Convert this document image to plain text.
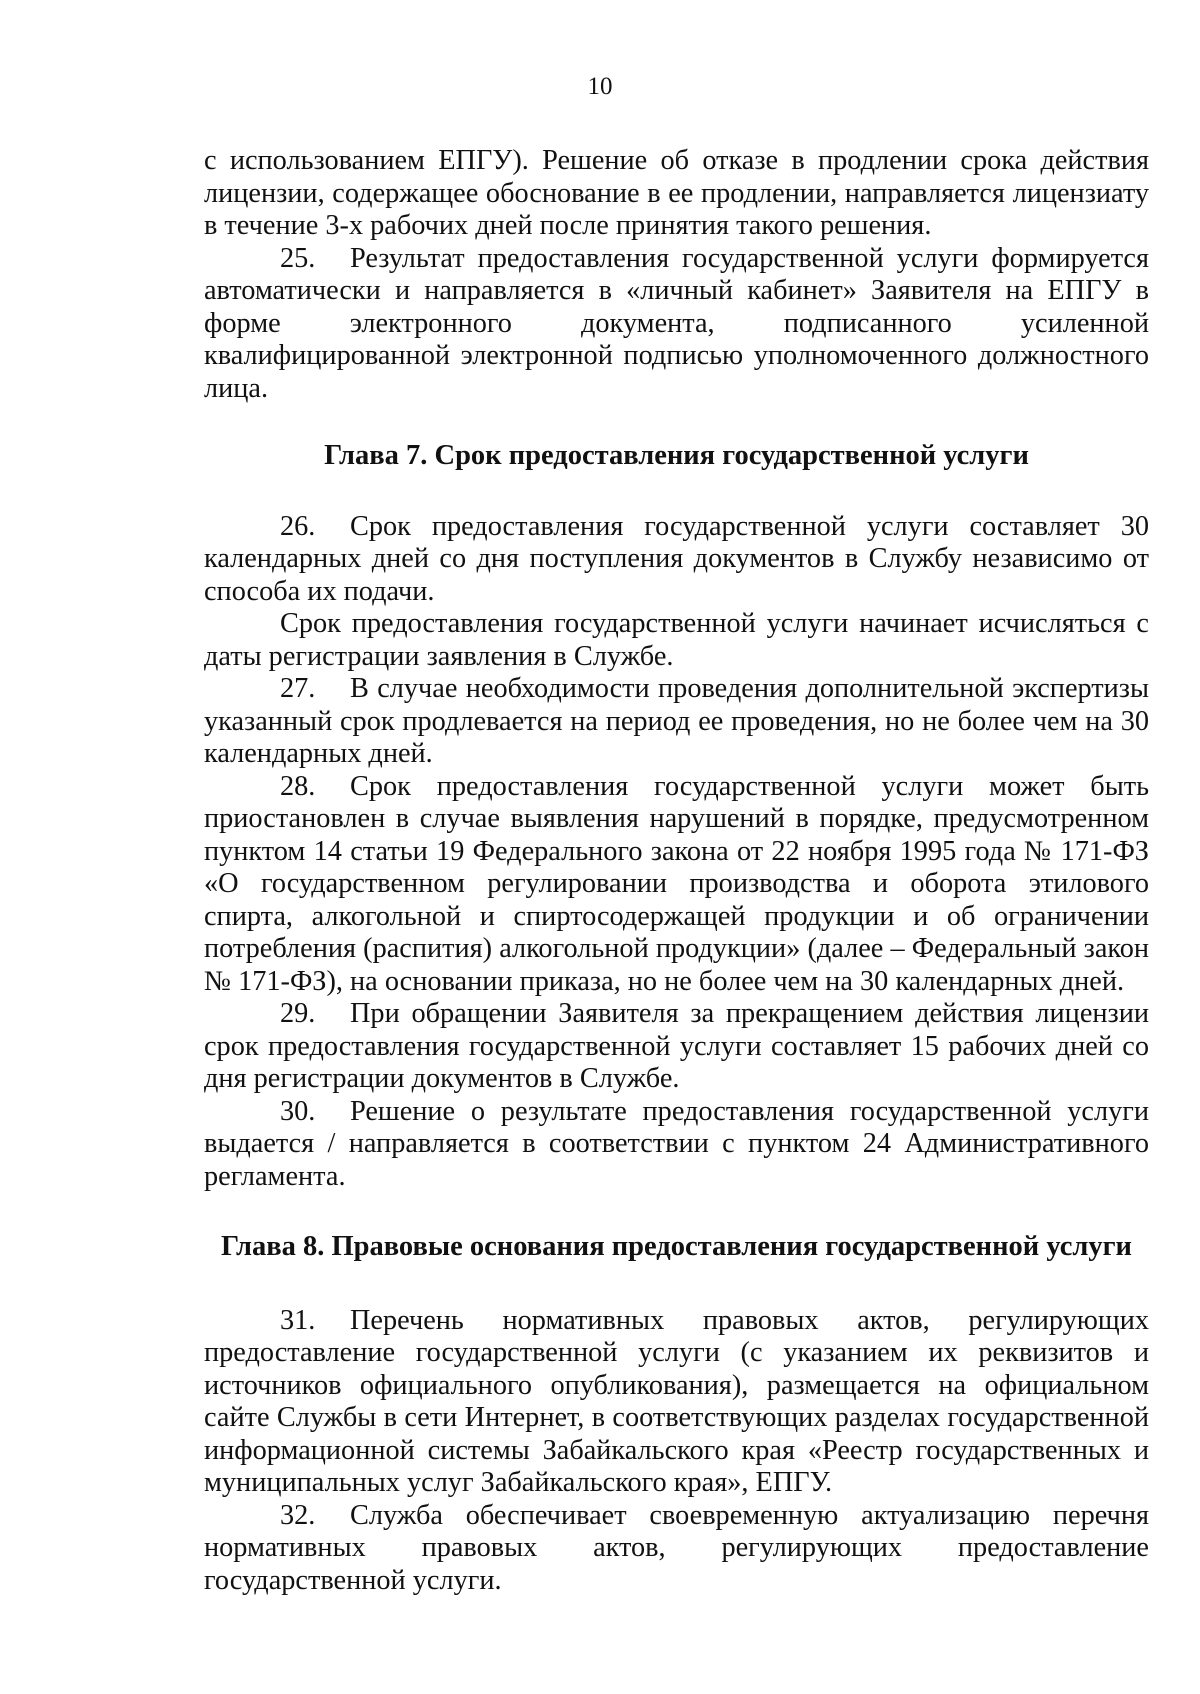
10

с использованием ЕПГУ). Решение об отказе в продлении срока действия лицензии, содержащее обоснование в ее продлении, направляется лицензиату в течение 3-х рабочих дней после принятия такого решения.

25. Результат предоставления государственной услуги формируется автоматически и направляется в «личный кабинет» Заявителя на ЕПГУ в форме электронного документа, подписанного усиленной квалифицированной электронной подписью уполномоченного должностного лица.

Глава 7. Срок предоставления государственной услуги

26. Срок предоставления государственной услуги составляет 30 календарных дней со дня поступления документов в Службу независимо от способа их подачи.

Срок предоставления государственной услуги начинает исчисляться с даты регистрации заявления в Службе.

27. В случае необходимости проведения дополнительной экспертизы указанный срок продлевается на период ее проведения, но не более чем на 30 календарных дней.

28. Срок предоставления государственной услуги может быть приостановлен в случае выявления нарушений в порядке, предусмотренном пунктом 14 статьи 19 Федерального закона от 22 ноября 1995 года № 171-ФЗ «О государственном регулировании производства и оборота этилового спирта, алкогольной и спиртосодержащей продукции и об ограничении потребления (распития) алкогольной продукции» (далее – Федеральный закон № 171-ФЗ), на основании приказа, но не более чем на 30 календарных дней.

29. При обращении Заявителя за прекращением действия лицензии срок предоставления государственной услуги составляет 15 рабочих дней со дня регистрации документов в Службе.

30. Решение о результате предоставления государственной услуги выдается / направляется в соответствии с пунктом 24 Административного регламента.

Глава 8. Правовые основания предоставления государственной услуги

31. Перечень нормативных правовых актов, регулирующих предоставление государственной услуги (с указанием их реквизитов и источников официального опубликования), размещается на официальном сайте Службы в сети Интернет, в соответствующих разделах государственной информационной системы Забайкальского края «Реестр государственных и муниципальных услуг Забайкальского края», ЕПГУ.

32. Служба обеспечивает своевременную актуализацию перечня нормативных правовых актов, регулирующих предоставление государственной услуги.
